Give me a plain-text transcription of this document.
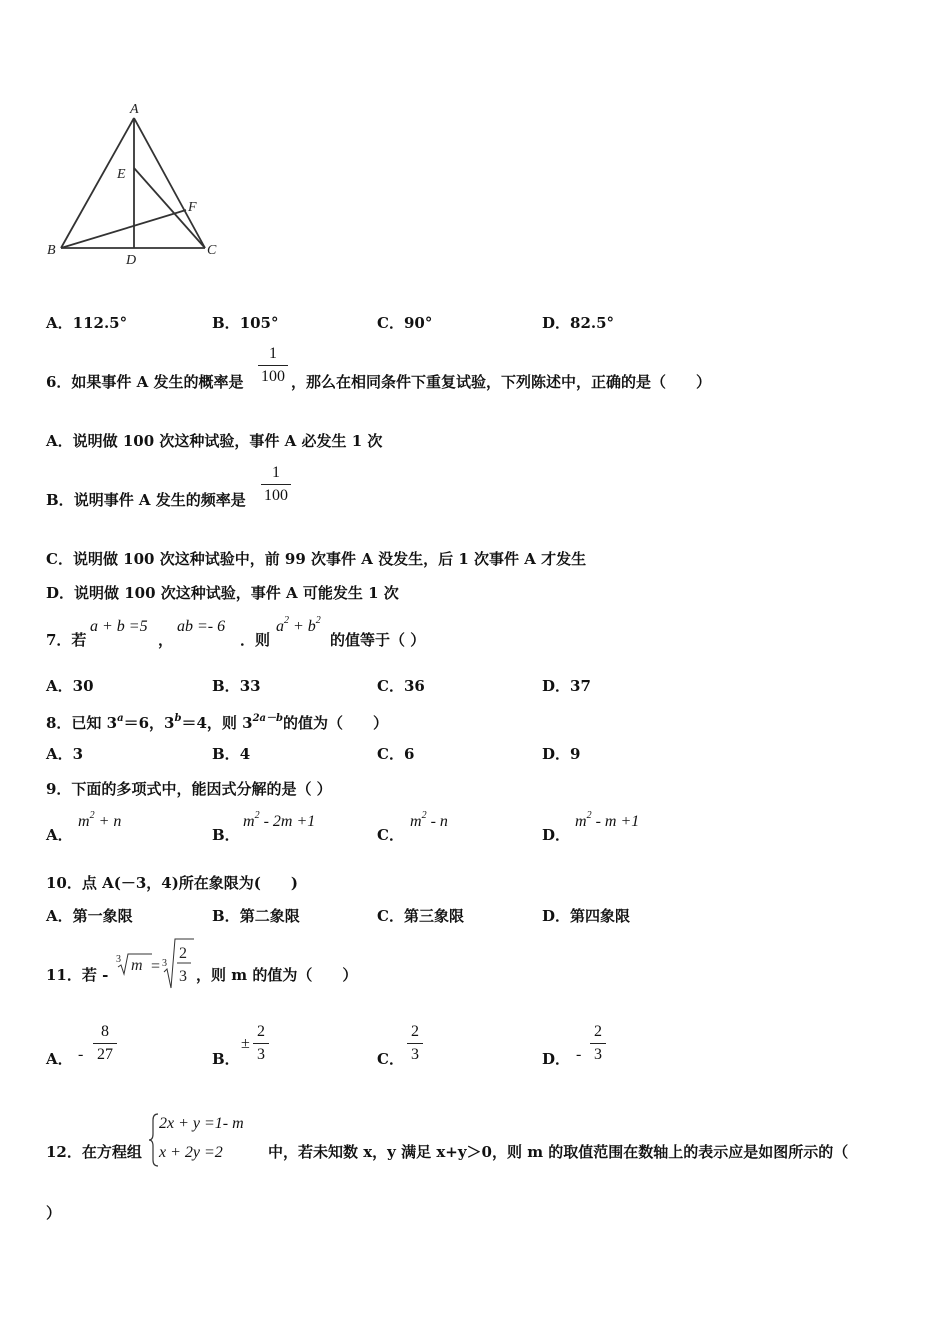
A
B	C
D
E
F
A．112.5°	B．105°	C．90°	D．82.5°
6．如果事件 A 发生的概率是
1
100 ，那么在相同条件下重复试验，下列陈述中，正确的是（　　）
A．说明做 100 次这种试验，事件 A 必发生 1 次
B．说明事件 A 发生的频率是
1
100
C．说明做 100 次这种试验中，前 99 次事件 A 没发生，后 1 次事件 A 才发生
D．说明做 100 次这种试验，事件 A 可能发生 1 次
7．若
a + b =5
，
ab =- 6
．则
$a^2 + b^2$
的值等于（ ）
A．30	B．33	C．36	D．37
8．已知 $3^a=6$，$3^b=4$，则 $3^{2a-b}$的值为（　　）
A．3	B．4	C．6	D．9
9．下面的多项式中，能因式分解的是（ ）
A．
$m^2 + n$
B．
$m^2 - 2m +1$
C．
$m^2$ - n
D．
$m^2 - m +1$
10．点 A(－3，4)所在象限为(　　)
A．第一象限	B．第二象限	C．第三象限	D．第四象限
11．若 -
3 m = 3
2
3 ，则 m 的值为（　　）
A． -
8
27	B．
±
2
3	C．
2
3	D． -
2
3
12．在方程组
2x + y =1- m
x + 2y =2	中，若未知数 x，y 满足 x+y＞0，则 m 的取值范围在数轴上的表示应是如图所示的（
）
